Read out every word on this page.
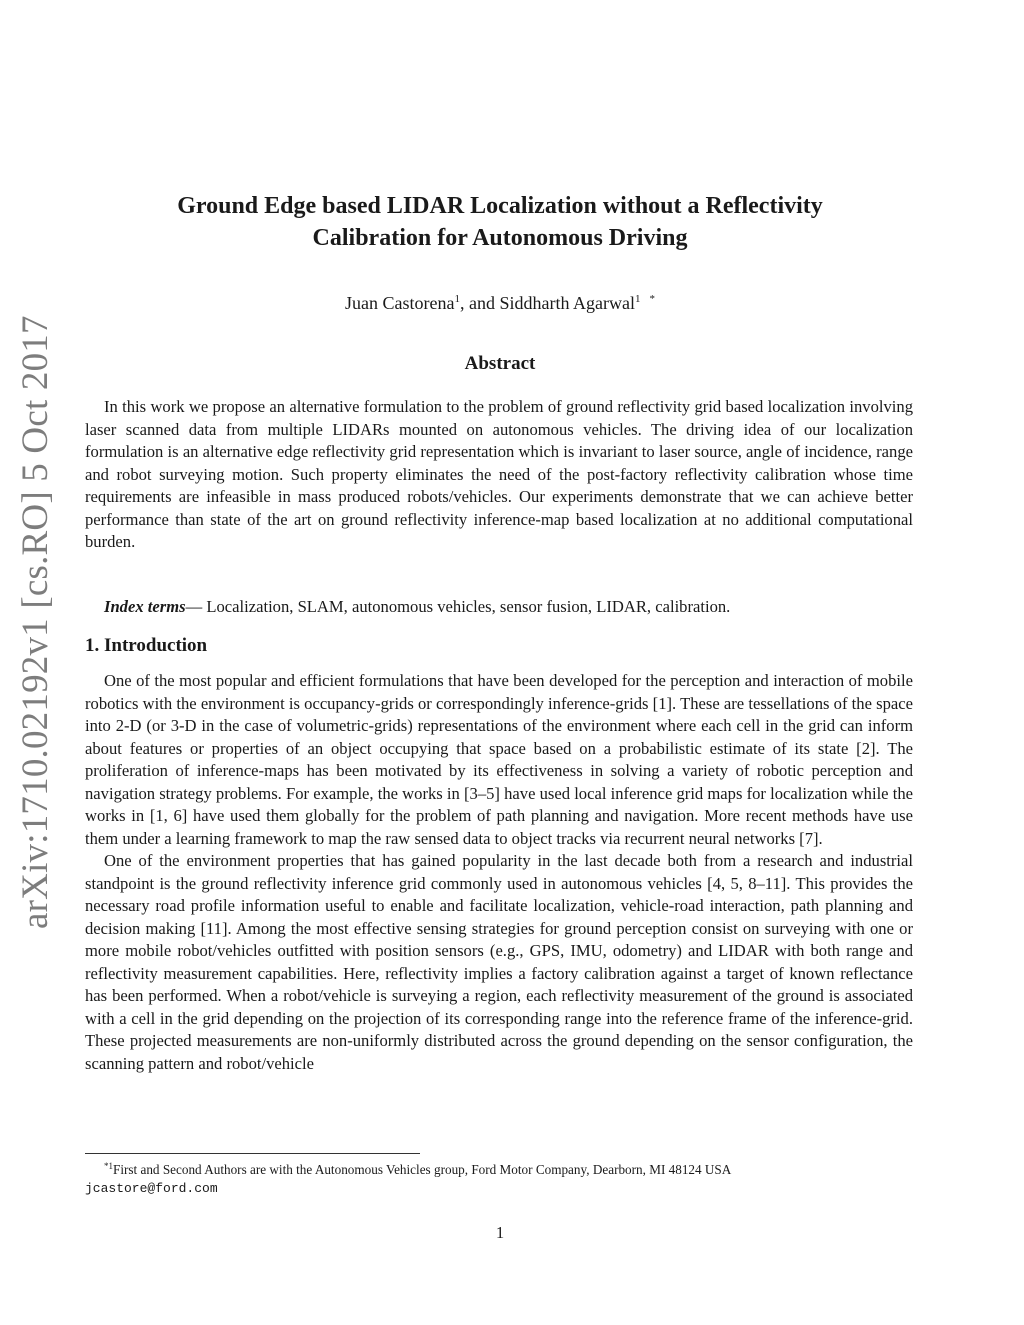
arXiv:1710.02192v1 [cs.RO] 5 Oct 2017
Ground Edge based LIDAR Localization without a Reflectivity
Calibration for Autonomous Driving
Juan Castorena$^1$, and Siddharth Agarwal$^1$ *
Abstract

In this work we propose an alternative formulation to the problem of ground reflectivity grid based localization involving laser scanned data from multiple LIDARs mounted on autonomous vehicles. The driving idea of our localization formulation is an alternative edge reflectivity grid representation which is invariant to laser source, angle of incidence, range and robot surveying motion. Such property eliminates the need of the post-factory reflectivity calibration whose time requirements are infeasible in mass produced robots/vehicles. Our experiments demonstrate that we can achieve better performance than state of the art on ground reflectivity inference-map based localization at no additional computational burden.

Index terms— Localization, SLAM, autonomous vehicles, sensor fusion, LIDAR, calibration.

1. Introduction

One of the most popular and efficient formulations that have been developed for the perception and interaction of mobile robotics with the environment is occupancy-grids or correspondingly inference-grids [1]. These are tessellations of the space into 2-D (or 3-D in the case of volumetric-grids) representations of the environment where each cell in the grid can inform about features or properties of an object occupying that space based on a probabilistic estimate of its state [2]. The proliferation of inference-maps has been motivated by its effectiveness in solving a variety of robotic perception and navigation strategy problems. For example, the works in [3–5] have used local inference grid maps for localization while the works in [1, 6] have used them globally for the problem of path planning and navigation. More recent methods have use them under a learning framework to map the raw sensed data to object tracks via recurrent neural networks [7].

One of the environment properties that has gained popularity in the last decade both from a research and industrial standpoint is the ground reflectivity inference grid commonly used in autonomous vehicles [4, 5, 8–11]. This provides the necessary road profile information useful to enable and facilitate localization, vehicle-road interaction, path planning and decision making [11]. Among the most effective sensing strategies for ground perception consist on surveying with one or more mobile robot/vehicles outfitted with position sensors (e.g., GPS, IMU, odometry) and LIDAR with both range and reflectivity measurement capabilities. Here, reflectivity implies a factory calibration against a target of known reflectance has been performed. When a robot/vehicle is surveying a region, each reflectivity measurement of the ground is associated with a cell in the grid depending on the projection of its corresponding range into the reference frame of the inference-grid. These projected measurements are non-uniformly distributed across the ground depending on the sensor configuration, the scanning pattern and robot/vehicle

$^{*1}$First and Second Authors are with the Autonomous Vehicles group, Ford Motor Company, Dearborn, MI 48124 USA
jcastore@ford.com
1
